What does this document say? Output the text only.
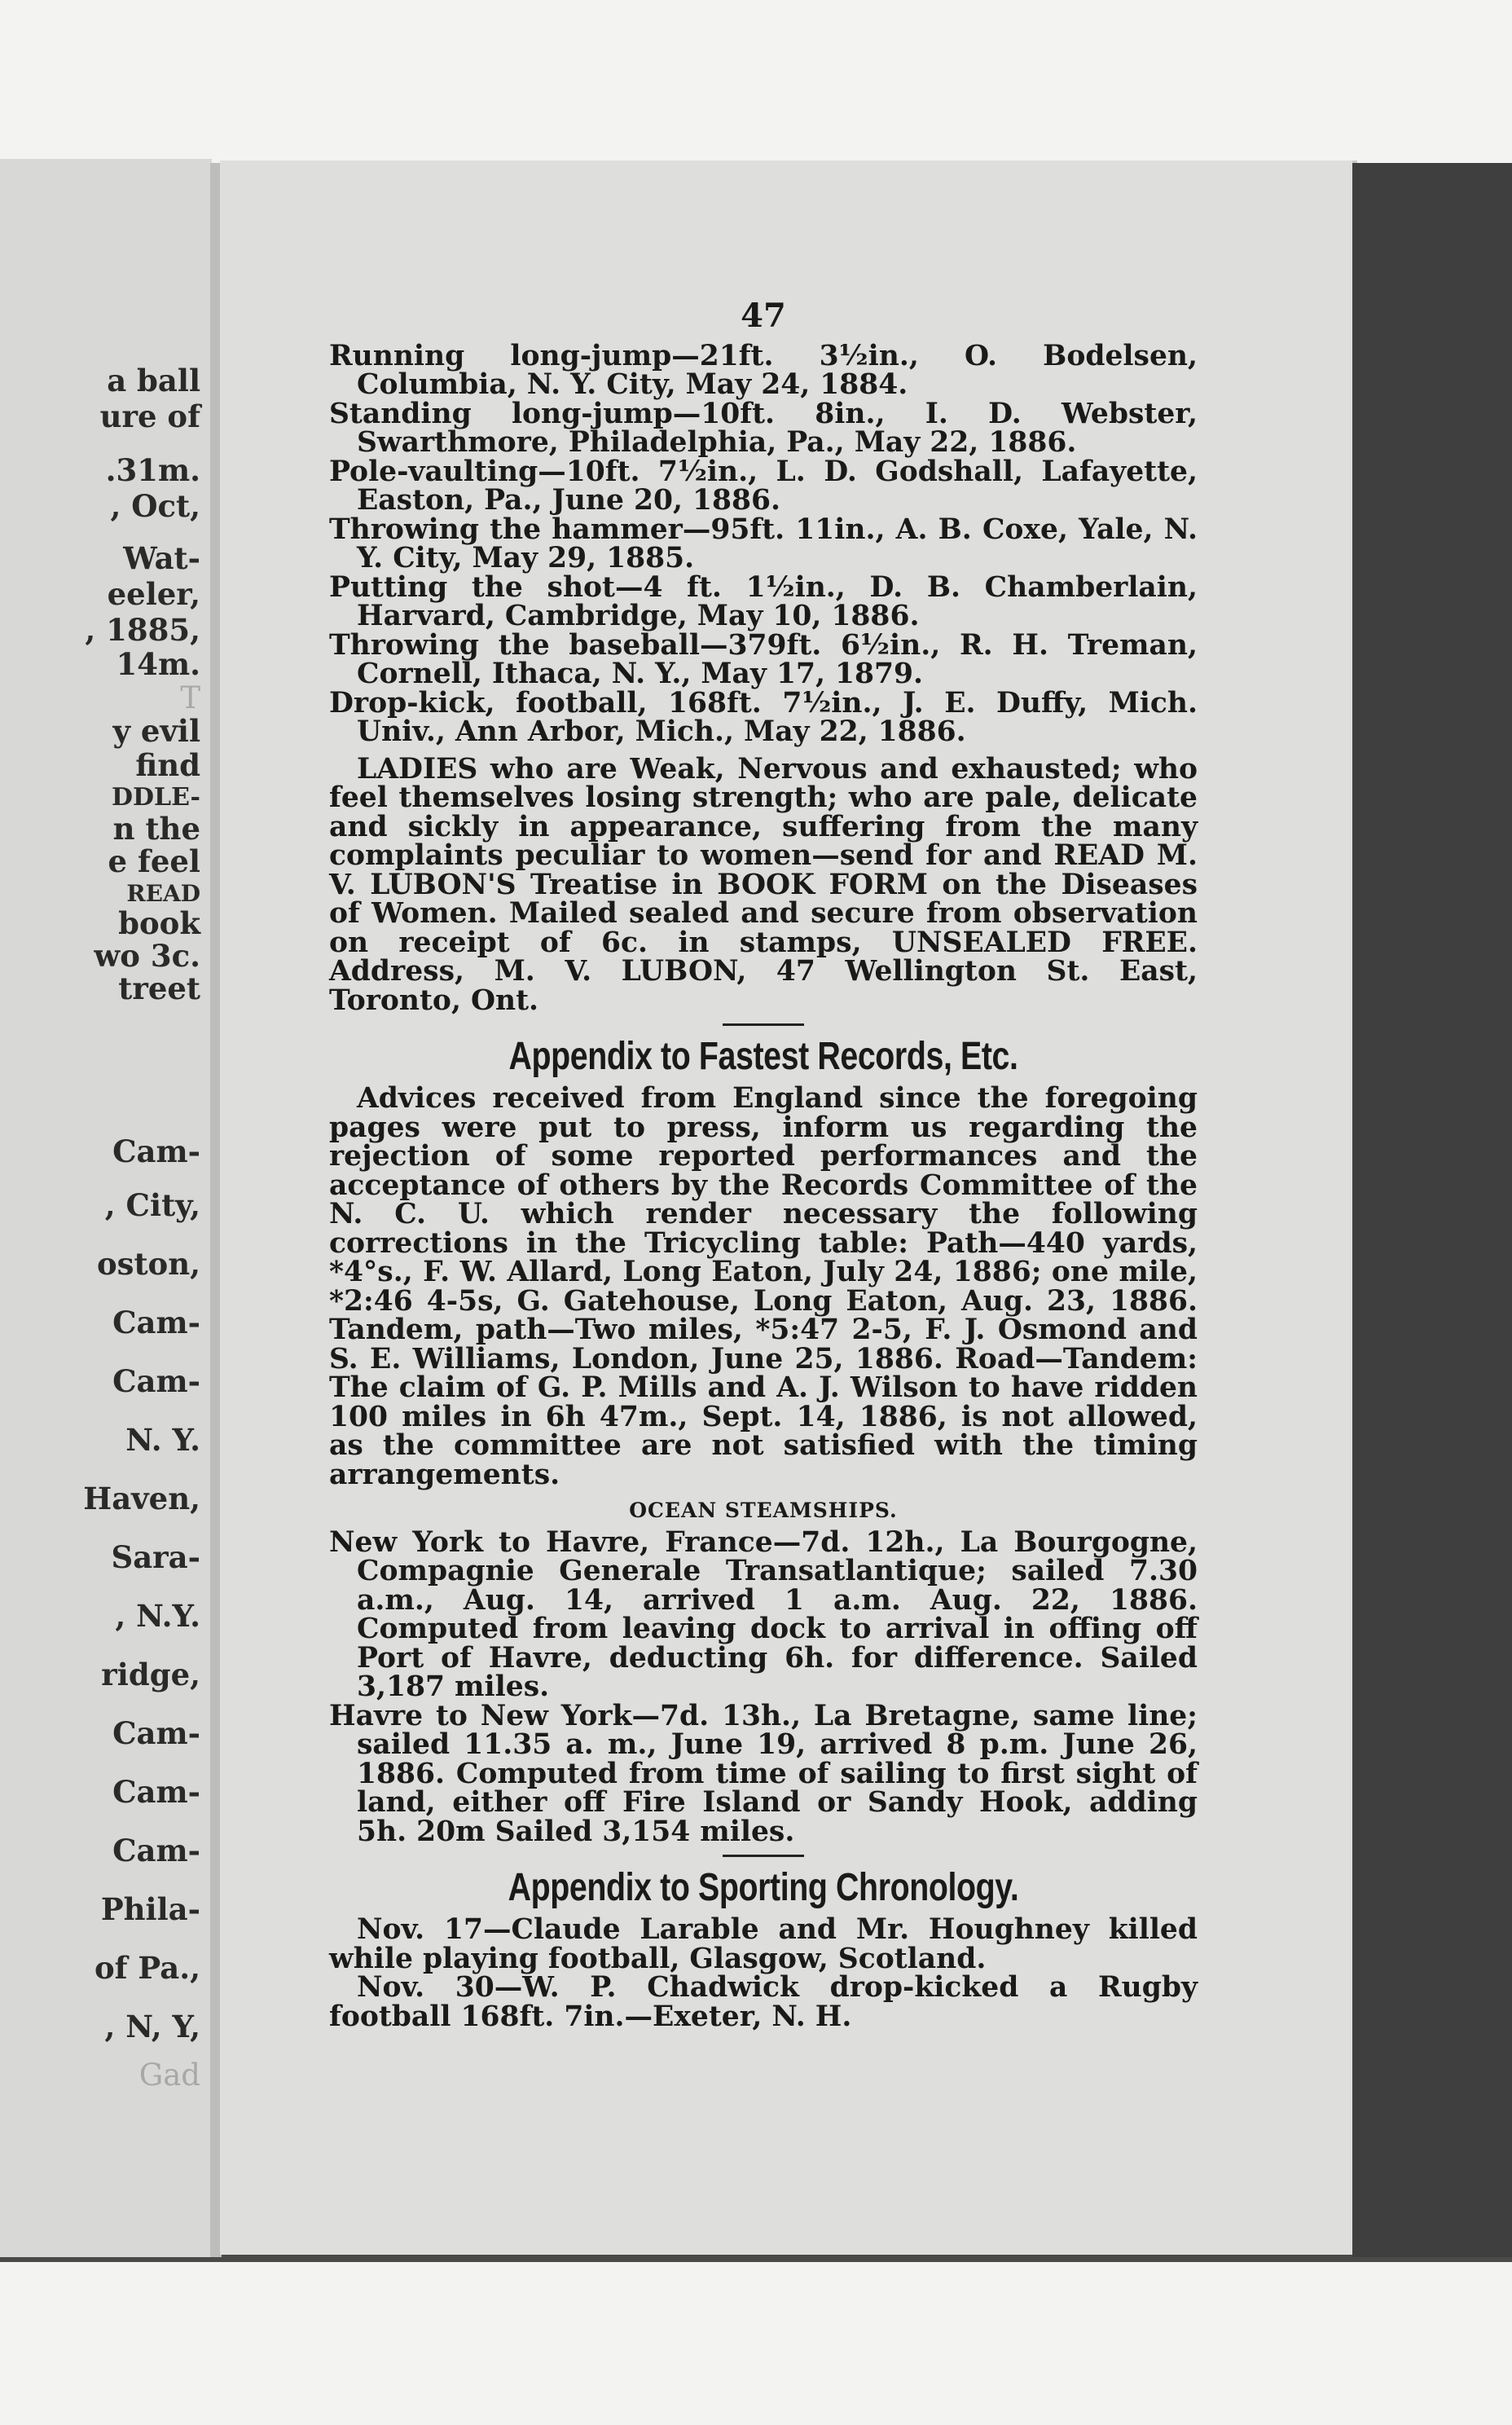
a ball
ure of
.31m.
, Oct,
Wat-
eeler,
, 1885,
14m.
T
y evil
find
DDLE-
n the
e feel
READ
book
wo 3c.
treet
Cam-
, City,
oston,
Cam-
Cam-
N. Y.
Haven,
Sara-
, N.Y.
ridge,
Cam-
Cam-
Cam-
Phila-
of Pa.,
, N, Y,
Gad
47

Running long-jump—21ft. 3½in., O. Bodelsen, Columbia, N. Y. City, May 24, 1884.

Standing long-jump—10ft. 8in., I. D. Webster, Swarthmore, Philadelphia, Pa., May 22, 1886.

Pole-vaulting—10ft. 7½in., L. D. Godshall, Lafayette, Easton, Pa., June 20, 1886.

Throwing the hammer—95ft. 11in., A. B. Coxe, Yale, N. Y. City, May 29, 1885.

Putting the shot—4 ft. 1½in., D. B. Chamberlain, Harvard, Cambridge, May 10, 1886.

Throwing the baseball—379ft. 6½in., R. H. Treman, Cornell, Ithaca, N. Y., May 17, 1879.

Drop-kick, football, 168ft. 7½in., J. E. Duffy, Mich. Univ., Ann Arbor, Mich., May 22, 1886.

LADIES who are Weak, Nervous and exhausted; who feel themselves losing strength; who are pale, delicate and sickly in appearance, suffering from the many complaints peculiar to women—send for and READ M. V. LUBON'S Treatise in BOOK FORM on the Diseases of Women. Mailed sealed and secure from observation on receipt of 6c. in stamps, UNSEALED FREE. Address, M. V. LUBON, 47 Wellington St. East, Toronto, Ont.

Appendix to Fastest Records, Etc.

Advices received from England since the foregoing pages were put to press, inform us regarding the rejection of some reported performances and the acceptance of others by the Records Committee of the N. C. U. which render necessary the following corrections in the Tricycling table: Path—440 yards, *4°s., F. W. Allard, Long Eaton, July 24, 1886; one mile, *2:46 4-5s, G. Gatehouse, Long Eaton, Aug. 23, 1886. Tandem, path—Two miles, *5:47 2-5, F. J. Osmond and S. E. Williams, London, June 25, 1886. Road—Tandem: The claim of G. P. Mills and A. J. Wilson to have ridden 100 miles in 6h 47m., Sept. 14, 1886, is not allowed, as the committee are not satisfied with the timing arrangements.

OCEAN STEAMSHIPS.

New York to Havre, France—7d. 12h., La Bourgogne, Compagnie Generale Transatlantique; sailed 7.30 a.m., Aug. 14, arrived 1 a.m. Aug. 22, 1886. Computed from leaving dock to arrival in offing off Port of Havre, deducting 6h. for difference. Sailed 3,187 miles.

Havre to New York—7d. 13h., La Bretagne, same line; sailed 11.35 a. m., June 19, arrived 8 p.m. June 26, 1886. Computed from time of sailing to first sight of land, either off Fire Island or Sandy Hook, adding 5h. 20m Sailed 3,154 miles.

Appendix to Sporting Chronology.

Nov. 17—Claude Larable and Mr. Houghney killed while playing football, Glasgow, Scotland.

Nov. 30—W. P. Chadwick drop-kicked a Rugby football 168ft. 7in.—Exeter, N. H.
